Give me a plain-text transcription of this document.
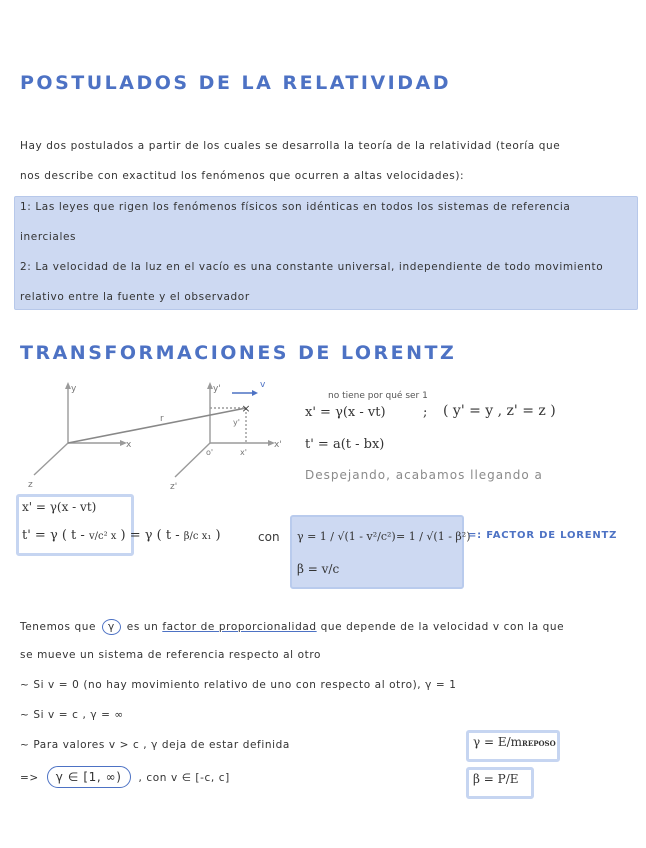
POSTULADOS DE LA RELATIVIDAD
Hay dos postulados a partir de los cuales se desarrolla la teoría de la relatividad (teoría que
nos describe con exactitud los fenómenos que ocurren a altas velocidades):
1: Las leyes que rigen los fenómenos físicos son idénticas en todos los sistemas de referencia
inerciales
2: La velocidad de la luz en el vacío es una constante universal, independiente de todo movimiento
relativo entre la fuente y el observador
TRANSFORMACIONES DE LORENTZ
×
y
x
z
y'
x'
z'
r
v
o'	x'
y'
no tiene por qué ser 1
x' = γ(x - vt)	; ( y' = y , z' = z )
t' = a(t - bx)
Despejando, acabamos llegando a
x' = γ(x - vt)
t' = γ ( t - v/c² x ) = γ ( t - β/c x₁ )	con γ = 1 / √(1 - v²/c²) = 1 / √(1 - β²)
β = v/c
=: FACTOR DE LORENTZ
Tenemos que γ es un factor de proporcionalidad que depende de la velocidad v con la que
se mueve un sistema de referencia respecto al otro
~ Si v = 0 (no hay movimiento relativo de uno con respecto al otro), γ = 1
~ Si v = c , γ = ∞
~ Para valores v > c , γ deja de estar definida
=> γ ∈ [1, ∞) , con v ∈ [-c, c]
γ = E/mREPOSO
β = P/E
